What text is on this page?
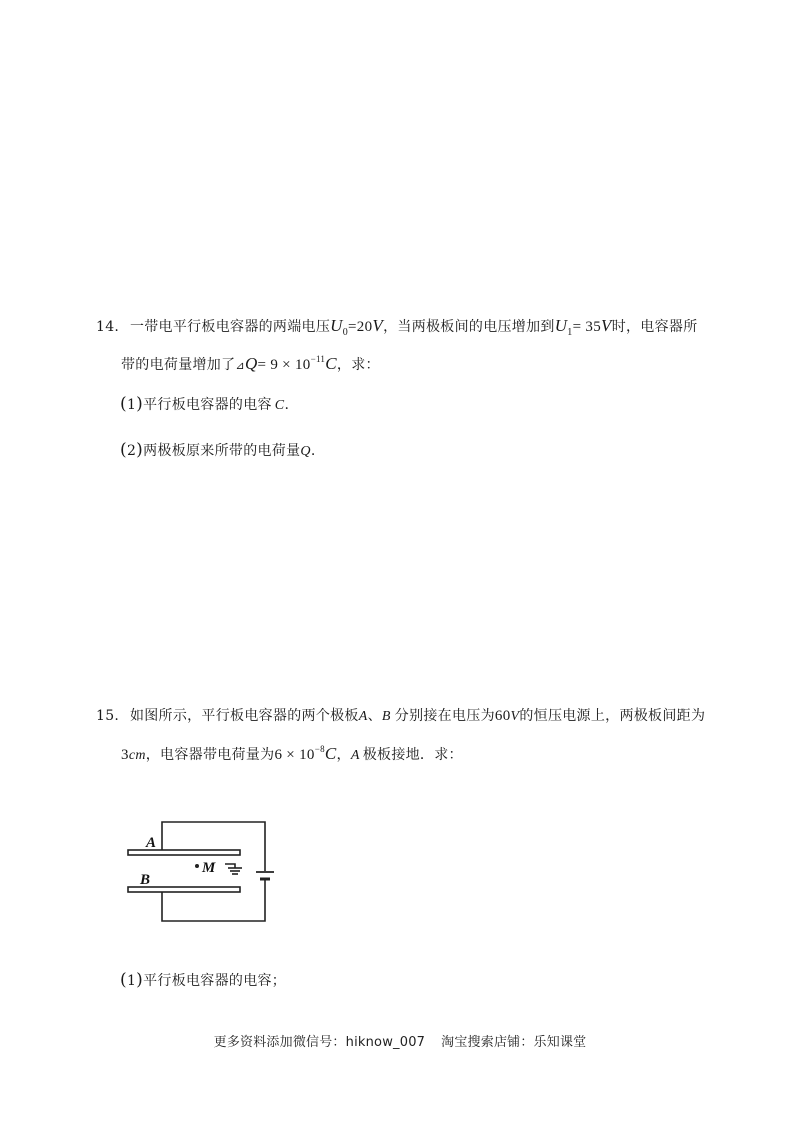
14. 一带电平行板电容器的两端电压$U_0=20V$，当两极板间的电压增加到$U_1= 35V$时，电容器所
带的电荷量增加了⊿Q= $9 \times 10^{-11}C$，求：
(1)平行板电容器的电容 C.
(2)两极板原来所带的电荷量Q.
15. 如图所示，平行板电容器的两个极板A、B 分别接在电压为60V的恒压电源上，两极板间距为
3cm，电容器带电荷量为$6 \times 10^{-8}C$，A 极板接地．求：
A
B
M
(1)平行板电容器的电容；
更多资料添加微信号：hiknow_007 淘宝搜索店铺：乐知课堂
